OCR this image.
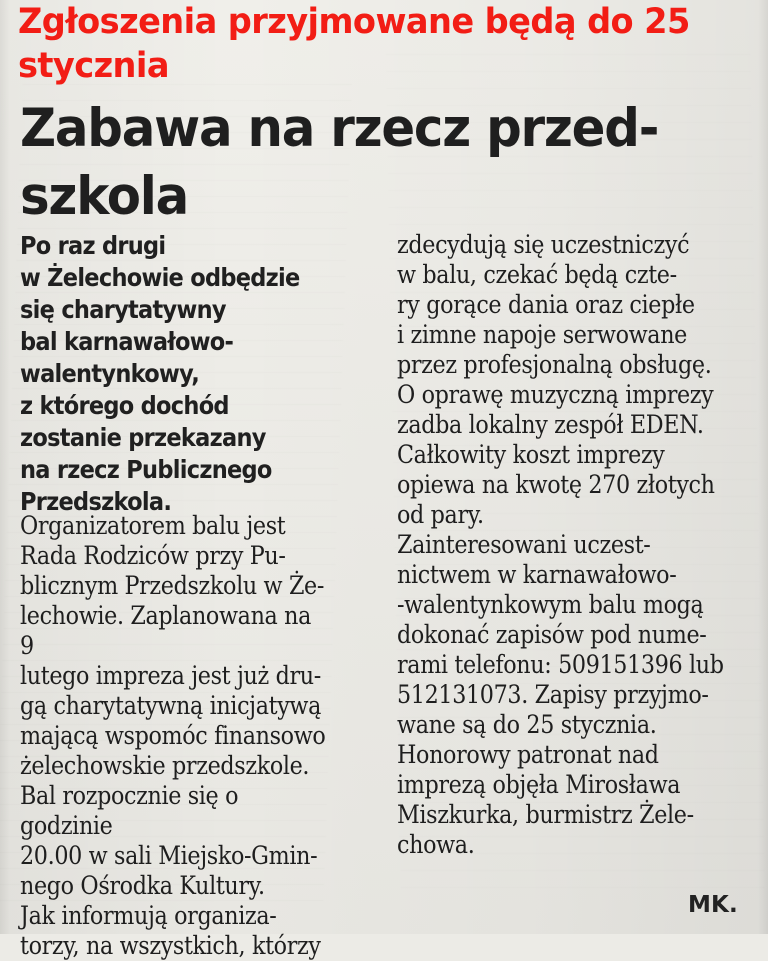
Zgłoszenia przyjmowane będą do 25
stycznia
Zabawa na rzecz przed-
szkola

Po raz drugi
w Żelechowie odbędzie
się charytatywny
bal karnawałowo-
walentynkowy,
z którego dochód
zostanie przekazany
na rzecz Publicznego
Przedszkola.

Organizatorem balu jest
Rada Rodziców przy Pu-
blicznym Przedszkolu w Że-
lechowie. Zaplanowana na 9
lutego impreza jest już dru-
gą charytatywną inicjatywą
mającą wspomóc finansowo
żelechowskie przedszkole.
Bal rozpocznie się o godzinie
20.00 w sali Miejsko-Gmin-
nego Ośrodka Kultury.
Jak informują organiza-
torzy, na wszystkich, którzy

zdecydują się uczestniczyć
w balu, czekać będą czte-
ry gorące dania oraz ciepłe
i zimne napoje serwowane
przez profesjonalną obsługę.
O oprawę muzyczną imprezy
zadba lokalny zespół EDEN.
Całkowity koszt imprezy
opiewa na kwotę 270 złotych
od pary.
Zainteresowani uczest-
nictwem w karnawałowo-
-walentynkowym balu mogą
dokonać zapisów pod nume-
rami telefonu: 509151396 lub
512131073. Zapisy przyjmo-
wane są do 25 stycznia.
Honorowy patronat nad
imprezą objęła Mirosława
Miszkurka, burmistrz Żele-
chowa.

MK.
